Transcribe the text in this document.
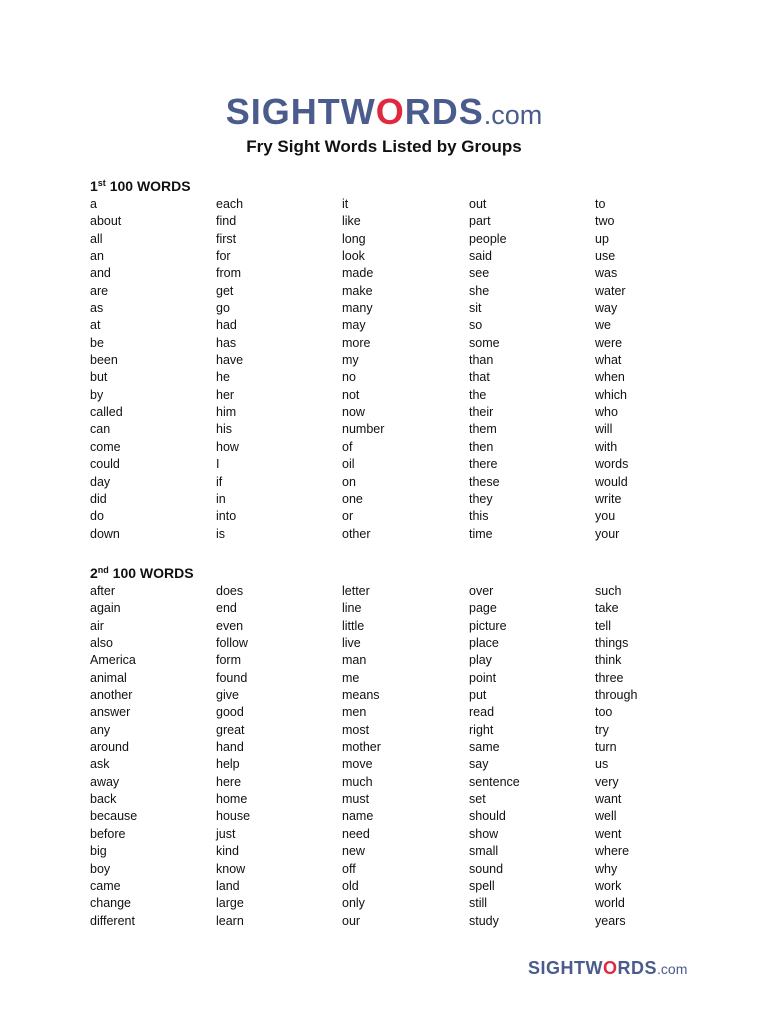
SIGHTWORDS.com
Fry Sight Words Listed by Groups
1st 100 WORDS
a
about
all
an
and
are
as
at
be
been
but
by
called
can
come
could
day
did
do
down
each
find
first
for
from
get
go
had
has
have
he
her
him
his
how
I
if
in
into
is
it
like
long
look
made
make
many
may
more
my
no
not
now
number
of
oil
on
one
or
other
out
part
people
said
see
she
sit
so
some
than
that
the
their
them
then
there
these
they
this
time
to
two
up
use
was
water
way
we
were
what
when
which
who
will
with
words
would
write
you
your
2nd 100 WORDS
after
again
air
also
America
animal
another
answer
any
around
ask
away
back
because
before
big
boy
came
change
different
does
end
even
follow
form
found
give
good
great
hand
help
here
home
house
just
kind
know
land
large
learn
letter
line
little
live
man
me
means
men
most
mother
move
much
must
name
need
new
off
old
only
our
over
page
picture
place
play
point
put
read
right
same
say
sentence
set
should
show
small
sound
spell
still
study
such
take
tell
things
think
three
through
too
try
turn
us
very
want
well
went
where
why
work
world
years
SIGHTWORDS.com
